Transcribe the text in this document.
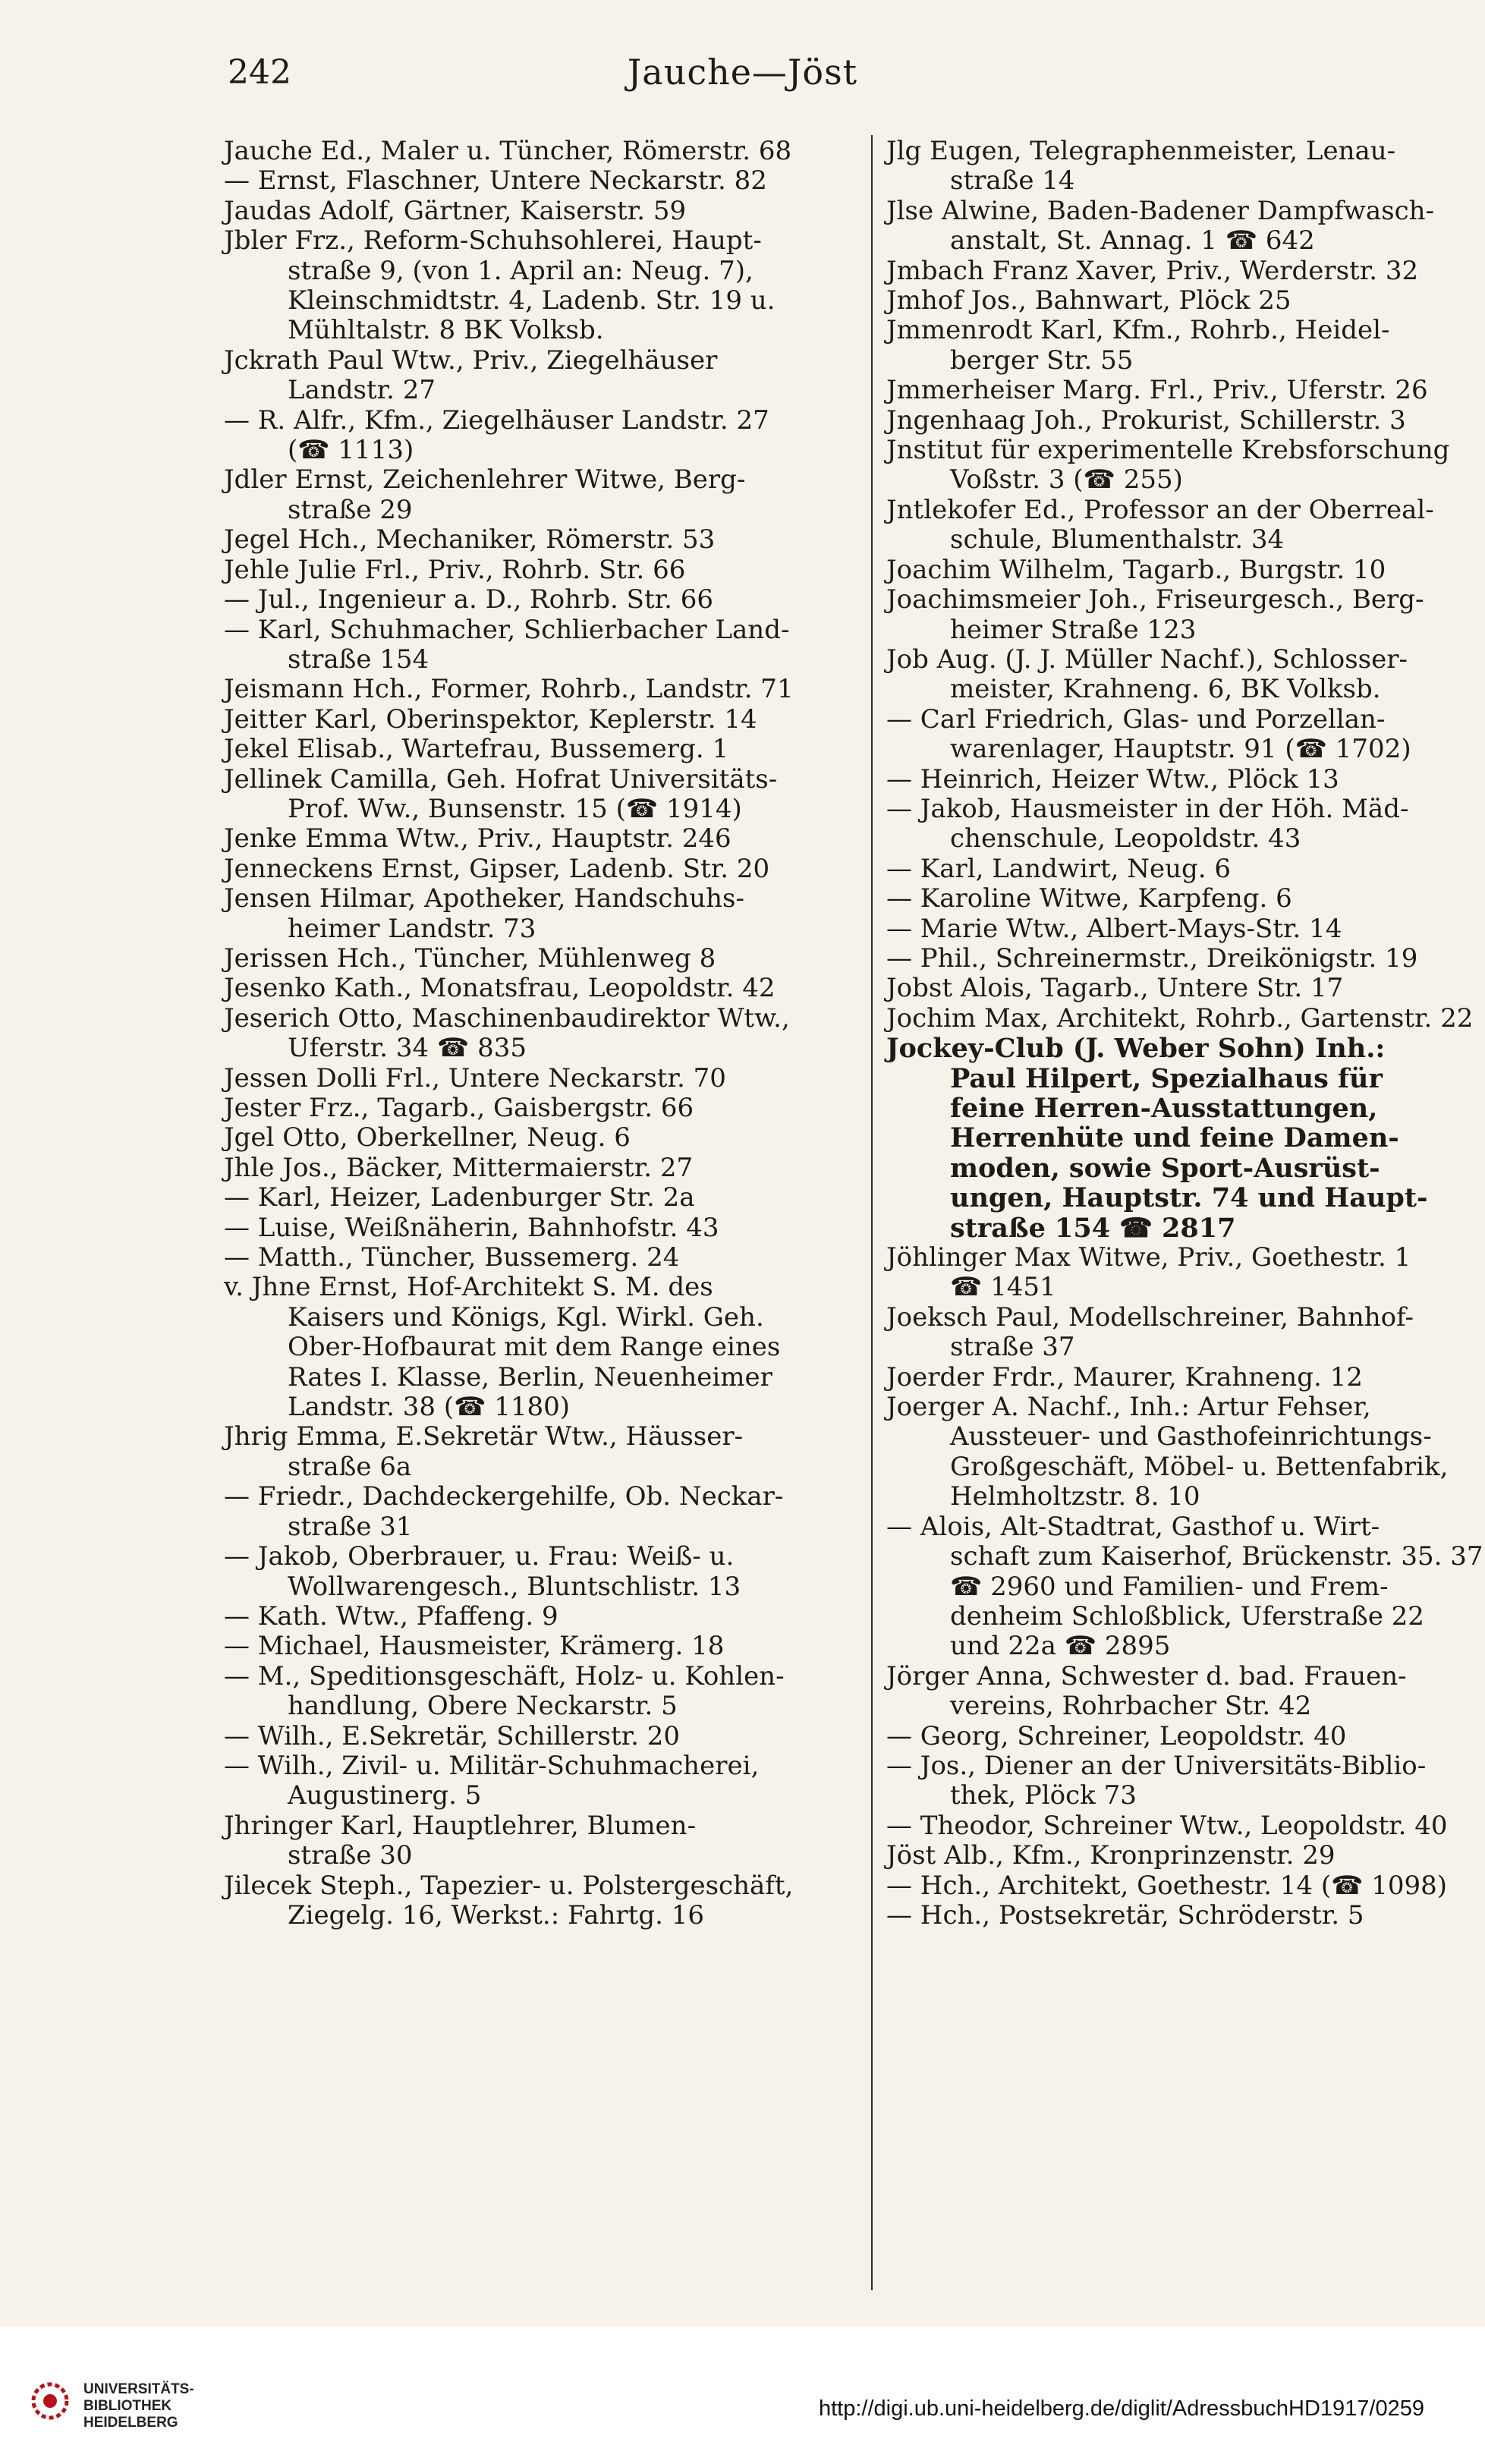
242	Jauche—Jöst
Jauche Ed., Maler u. Tüncher, Römerstr. 68
— Ernst, Flaschner, Untere Neckarstr. 82
Jaudas Adolf, Gärtner, Kaiserstr. 59
Jbler Frz., Reform-Schuhsohlerei, Haupt-
straße 9, (von 1. April an: Neug. 7),
Kleinschmidtstr. 4, Ladenb. Str. 19 u.
Mühltalstr. 8 BK Volksb.
Jckrath Paul Wtw., Priv., Ziegelhäuser
Landstr. 27
— R. Alfr., Kfm., Ziegelhäuser Landstr. 27
(☎ 1113)
Jdler Ernst, Zeichenlehrer Witwe, Berg-
straße 29
Jegel Hch., Mechaniker, Römerstr. 53
Jehle Julie Frl., Priv., Rohrb. Str. 66
— Jul., Ingenieur a. D., Rohrb. Str. 66
— Karl, Schuhmacher, Schlierbacher Land-
straße 154
Jeismann Hch., Former, Rohrb., Landstr. 71
Jeitter Karl, Oberinspektor, Keplerstr. 14
Jekel Elisab., Wartefrau, Bussemerg. 1
Jellinek Camilla, Geh. Hofrat Universitäts-
Prof. Ww., Bunsenstr. 15 (☎ 1914)
Jenke Emma Wtw., Priv., Hauptstr. 246
Jenneckens Ernst, Gipser, Ladenb. Str. 20
Jensen Hilmar, Apotheker, Handschuhs-
heimer Landstr. 73
Jerissen Hch., Tüncher, Mühlenweg 8
Jesenko Kath., Monatsfrau, Leopoldstr. 42
Jeserich Otto, Maschinenbaudirektor Wtw.,
Uferstr. 34 ☎ 835
Jessen Dolli Frl., Untere Neckarstr. 70
Jester Frz., Tagarb., Gaisbergstr. 66
Jgel Otto, Oberkellner, Neug. 6
Jhle Jos., Bäcker, Mittermaierstr. 27
— Karl, Heizer, Ladenburger Str. 2a
— Luise, Weißnäherin, Bahnhofstr. 43
— Matth., Tüncher, Bussemerg. 24
v. Jhne Ernst, Hof-Architekt S. M. des
Kaisers und Königs, Kgl. Wirkl. Geh.
Ober-Hofbaurat mit dem Range eines
Rates I. Klasse, Berlin, Neuenheimer
Landstr. 38 (☎ 1180)
Jhrig Emma, E.Sekretär Wtw., Häusser-
straße 6a
— Friedr., Dachdeckergehilfe, Ob. Neckar-
straße 31
— Jakob, Oberbrauer, u. Frau: Weiß- u.
Wollwarengesch., Bluntschlistr. 13
— Kath. Wtw., Pfaffeng. 9
— Michael, Hausmeister, Krämerg. 18
— M., Speditionsgeschäft, Holz- u. Kohlen-
handlung, Obere Neckarstr. 5
— Wilh., E.Sekretär, Schillerstr. 20
— Wilh., Zivil- u. Militär-Schuhmacherei,
Augustinerg. 5
Jhringer Karl, Hauptlehrer, Blumen-
straße 30
Jilecek Steph., Tapezier- u. Polstergeschäft,
Ziegelg. 16, Werkst.: Fahrtg. 16
Jlg Eugen, Telegraphenmeister, Lenau-
straße 14
Jlse Alwine, Baden-Badener Dampfwasch-
anstalt, St. Annag. 1 ☎ 642
Jmbach Franz Xaver, Priv., Werderstr. 32
Jmhof Jos., Bahnwart, Plöck 25
Jmmenrodt Karl, Kfm., Rohrb., Heidel-
berger Str. 55
Jmmerheiser Marg. Frl., Priv., Uferstr. 26
Jngenhaag Joh., Prokurist, Schillerstr. 3
Jnstitut für experimentelle Krebsforschung
Voßstr. 3 (☎ 255)
Jntlekofer Ed., Professor an der Oberreal-
schule, Blumenthalstr. 34
Joachim Wilhelm, Tagarb., Burgstr. 10
Joachimsmeier Joh., Friseurgesch., Berg-
heimer Straße 123
Job Aug. (J. J. Müller Nachf.), Schlosser-
meister, Krahneng. 6, BK Volksb.
— Carl Friedrich, Glas- und Porzellan-
warenlager, Hauptstr. 91 (☎ 1702)
— Heinrich, Heizer Wtw., Plöck 13
— Jakob, Hausmeister in der Höh. Mäd-
chenschule, Leopoldstr. 43
— Karl, Landwirt, Neug. 6
— Karoline Witwe, Karpfeng. 6
— Marie Wtw., Albert-Mays-Str. 14
— Phil., Schreinermstr., Dreikönigstr. 19
Jobst Alois, Tagarb., Untere Str. 17
Jochim Max, Architekt, Rohrb., Gartenstr. 22
Jockey-Club (J. Weber Sohn) Inh.:
Paul Hilpert, Spezialhaus für
feine Herren-Ausstattungen,
Herrenhüte und feine Damen-
moden, sowie Sport-Ausrüst-
ungen, Hauptstr. 74 und Haupt-
straße 154 ☎ 2817
Jöhlinger Max Witwe, Priv., Goethestr. 1
☎ 1451
Joeksch Paul, Modellschreiner, Bahnhof-
straße 37
Joerder Frdr., Maurer, Krahneng. 12
Joerger A. Nachf., Inh.: Artur Fehser,
Aussteuer- und Gasthofeinrichtungs-
Großgeschäft, Möbel- u. Bettenfabrik,
Helmholtzstr. 8. 10
— Alois, Alt-Stadtrat, Gasthof u. Wirt-
schaft zum Kaiserhof, Brückenstr. 35. 37
☎ 2960 und Familien- und Frem-
denheim Schloßblick, Uferstraße 22
und 22a ☎ 2895
Jörger Anna, Schwester d. bad. Frauen-
vereins, Rohrbacher Str. 42
— Georg, Schreiner, Leopoldstr. 40
— Jos., Diener an der Universitäts-Biblio-
thek, Plöck 73
— Theodor, Schreiner Wtw., Leopoldstr. 40
Jöst Alb., Kfm., Kronprinzenstr. 29
— Hch., Architekt, Goethestr. 14 (☎ 1098)
— Hch., Postsekretär, Schröderstr. 5
UNIVERSITÄTS-
BIBLIOTHEK
HEIDELBERG
http://digi.ub.uni-heidelberg.de/diglit/AdressbuchHD1917/0259
